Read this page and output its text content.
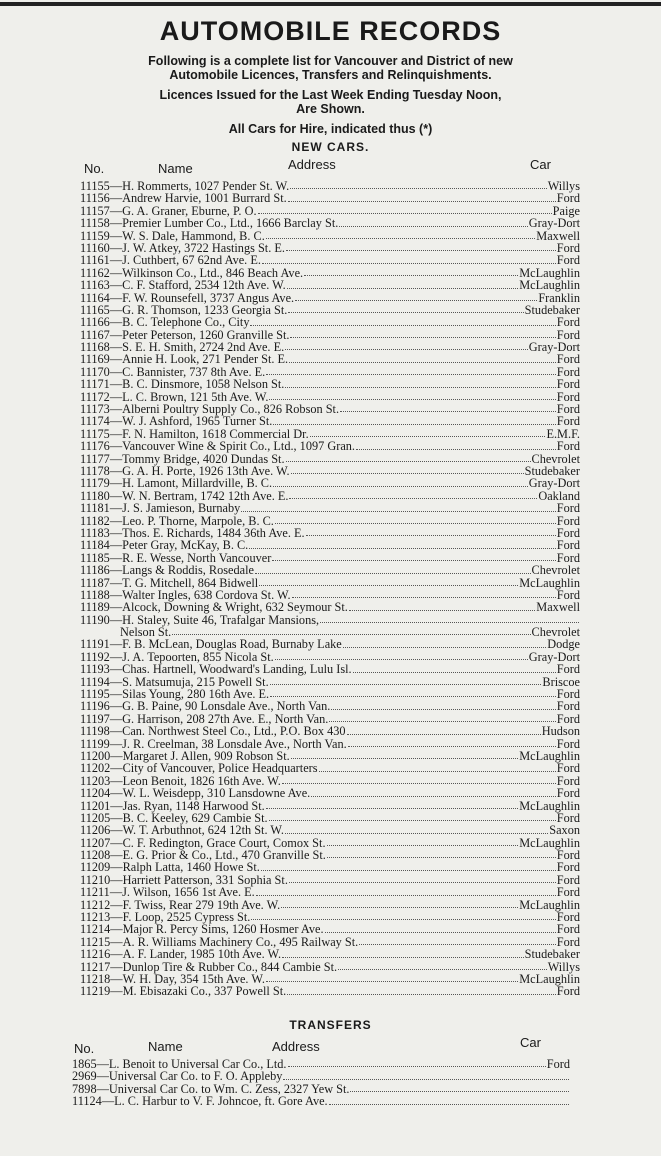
AUTOMOBILE RECORDS
Following is a complete list for Vancouver and District of new
Automobile Licences, Transfers and Relinquishments.
Licences Issued for the Last Week Ending Tuesday Noon,
Are Shown.
All Cars for Hire, indicated thus (*)
NEW CARS.
No.	Name	Address	Car
11155—H. Rommerts, 1027 Pender St. W.	Willys
11156—Andrew Harvie, 1001 Burrard St.	Ford
11157—G. A. Graner, Eburne, P. O.	Paige
11158—Premier Lumber Co., Ltd., 1666 Barclay St.	Gray-Dort
11159—W. S. Dale, Hammond, B. C.	Maxwell
11160—J. W. Atkey, 3722 Hastings St. E.	Ford
11161—J. Cuthbert, 67 62nd Ave. E.	Ford
11162—Wilkinson Co., Ltd., 846 Beach Ave.	McLaughlin
11163—C. F. Stafford, 2534 12th Ave. W.	McLaughlin
11164—F. W. Rounsefell, 3737 Angus Ave.	Franklin
11165—G. R. Thomson, 1233 Georgia St.	Studebaker
11166—B. C. Telephone Co., City	Ford
11167—Peter Peterson, 1260 Granville St.	Ford
11168—S. E. H. Smith, 2724 2nd Ave. E.	Gray-Dort
11169—Annie H. Look, 271 Pender St. E.	Ford
11170—C. Bannister, 737 8th Ave. E.	Ford
11171—B. C. Dinsmore, 1058 Nelson St.	Ford
11172—L. C. Brown, 121 5th Ave. W.	Ford
11173—Alberni Poultry Supply Co., 826 Robson St.	Ford
11174—W. J. Ashford, 1965 Turner St.	Ford
11175—F. N. Hamilton, 1618 Commercial Dr.	E.M.F.
11176—Vancouver Wine & Spirit Co., Ltd., 1097 Gran.	Ford
11177—Tommy Bridge, 4020 Dundas St.	Chevrolet
11178—G. A. H. Porte, 1926 13th Ave. W.	Studebaker
11179—H. Lamont, Millardville, B. C.	Gray-Dort
11180—W. N. Bertram, 1742 12th Ave. E.	Oakland
11181—J. S. Jamieson, Burnaby	Ford
11182—Leo. P. Thorne, Marpole, B. C.	Ford
11183—Thos. E. Richards, 1484 36th Ave. E.	Ford
11184—Peter Gray, McKay, B. C.	Ford
11185—R. E. Wesse, North Vancouver	Ford
11186—Langs & Roddis, Rosedale	Chevrolet
11187—T. G. Mitchell, 864 Bidwell	McLaughlin
11188—Walter Ingles, 638 Cordova St. W.	Ford
11189—Alcock, Downing & Wright, 632 Seymour St.	Maxwell
11190—H. Staley, Suite 46, Trafalgar Mansions,
Nelson St.	Chevrolet
11191—F. B. McLean, Douglas Road, Burnaby Lake	Dodge
11192—J. A. Tepoorten, 855 Nicola St.	Gray-Dort
11193—Chas. Hartnell, Woodward's Landing, Lulu Isl.	Ford
11194—S. Matsumuja, 215 Powell St.	Briscoe
11195—Silas Young, 280 16th Ave. E.	Ford
11196—G. B. Paine, 90 Lonsdale Ave., North Van.	Ford
11197—G. Harrison, 208 27th Ave. E., North Van.	Ford
11198—Can. Northwest Steel Co., Ltd., P.O. Box 430	Hudson
11199—J. R. Creelman, 38 Lonsdale Ave., North Van.	Ford
11200—Margaret J. Allen, 909 Robson St.	McLaughlin
11202—City of Vancouver, Police Headquarters	Ford
11203—Leon Benoit, 1826 16th Ave. W.	Ford
11204—W. L. Weisdepp, 310 Lansdowne Ave.	Ford
11201—Jas. Ryan, 1148 Harwood St.	McLaughlin
11205—B. C. Keeley, 629 Cambie St.	Ford
11206—W. T. Arbuthnot, 624 12th St. W.	Saxon
11207—C. F. Redington, Grace Court, Comox St.	McLaughlin
11208—E. G. Prior & Co., Ltd., 470 Granville St.	Ford
11209—Ralph Latta, 1460 Howe St.	Ford
11210—Harriett Patterson, 331 Sophia St.	Ford
11211—J. Wilson, 1656 1st Ave. E.	Ford
11212—F. Twiss, Rear 279 19th Ave. W.	McLaughlin
11213—F. Loop, 2525 Cypress St.	Ford
11214—Major R. Percy Sims, 1260 Hosmer Ave.	Ford
11215—A. R. Williams Machinery Co., 495 Railway St.	Ford
11216—A. F. Lander, 1985 10th Ave. W.	Studebaker
11217—Dunlop Tire & Rubber Co., 844 Cambie St.	Willys
11218—W. H. Day, 354 15th Ave. W.	McLaughlin
11219—M. Ebisazaki Co., 337 Powell St.	Ford
TRANSFERS
No.	Name	Address	Car
1865—L. Benoit to Universal Car Co., Ltd.	Ford
2969—Universal Car Co. to F. O. Appleby
7898—Universal Car Co. to Wm. C. Zess, 2327 Yew St.
11124—L. C. Harbur to V. F. Johncoe, ft. Gore Ave.
